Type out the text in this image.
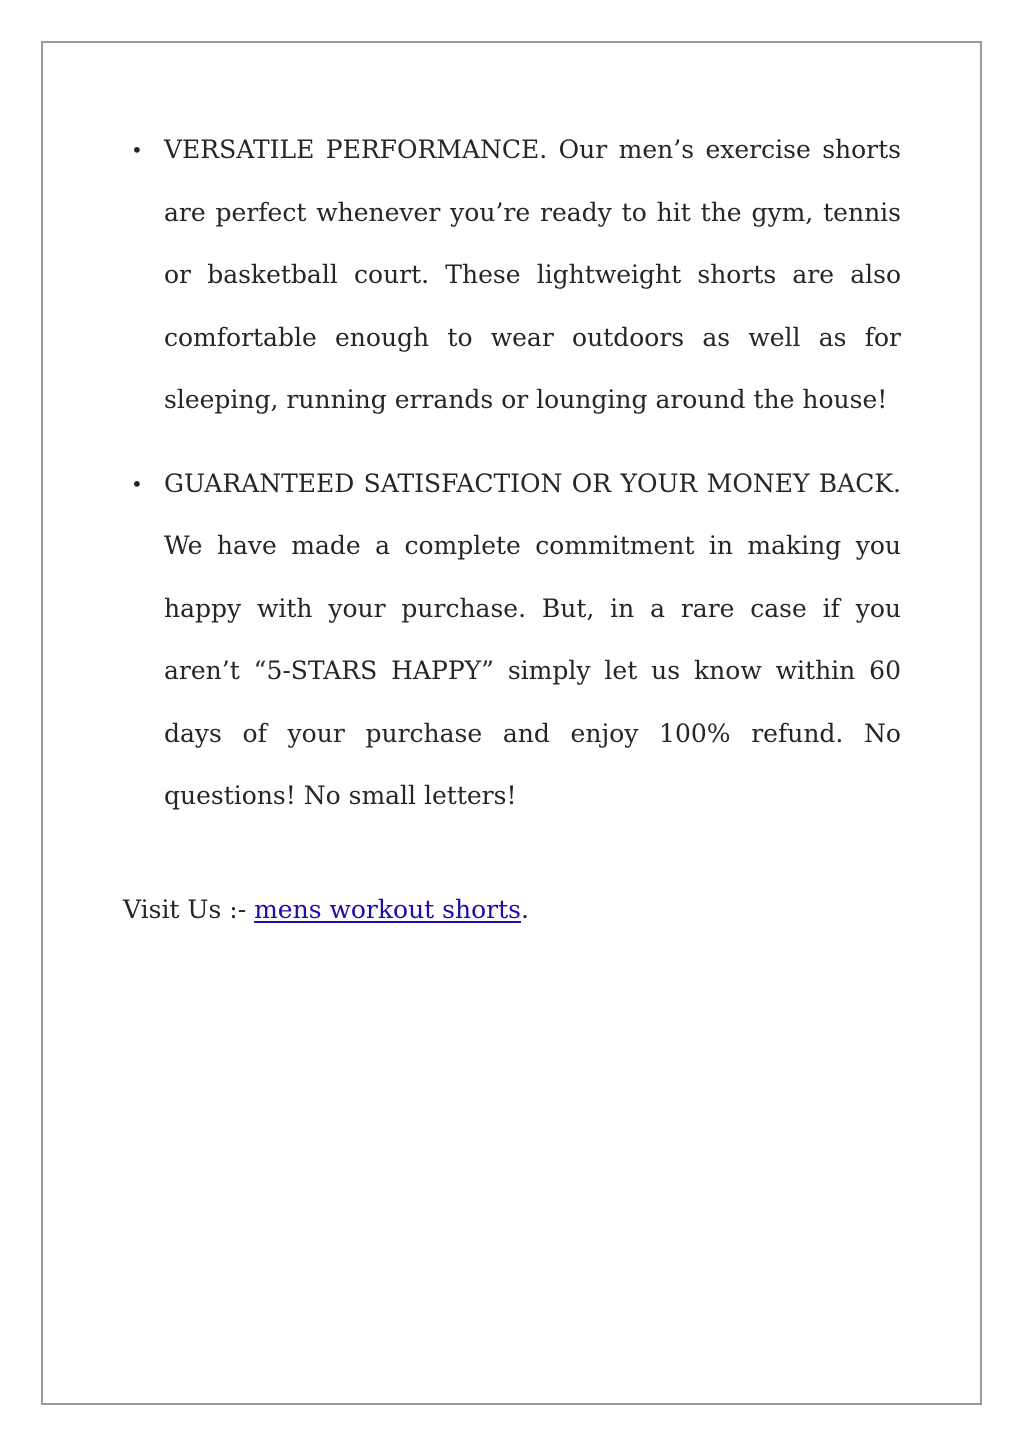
• VERSATILE PERFORMANCE. Our men’s exercise shorts are perfect whenever you’re ready to hit the gym, tennis or basketball court. These lightweight shorts are also comfortable enough to wear outdoors as well as for sleeping, running errands or lounging around the house!
• GUARANTEED SATISFACTION OR YOUR MONEY BACK. We have made a complete commitment in making you happy with your purchase. But, in a rare case if you aren’t “5-STARS HAPPY” simply let us know within 60 days of your purchase and enjoy 100% refund. No questions! No small letters!
Visit Us :- mens workout shorts.
